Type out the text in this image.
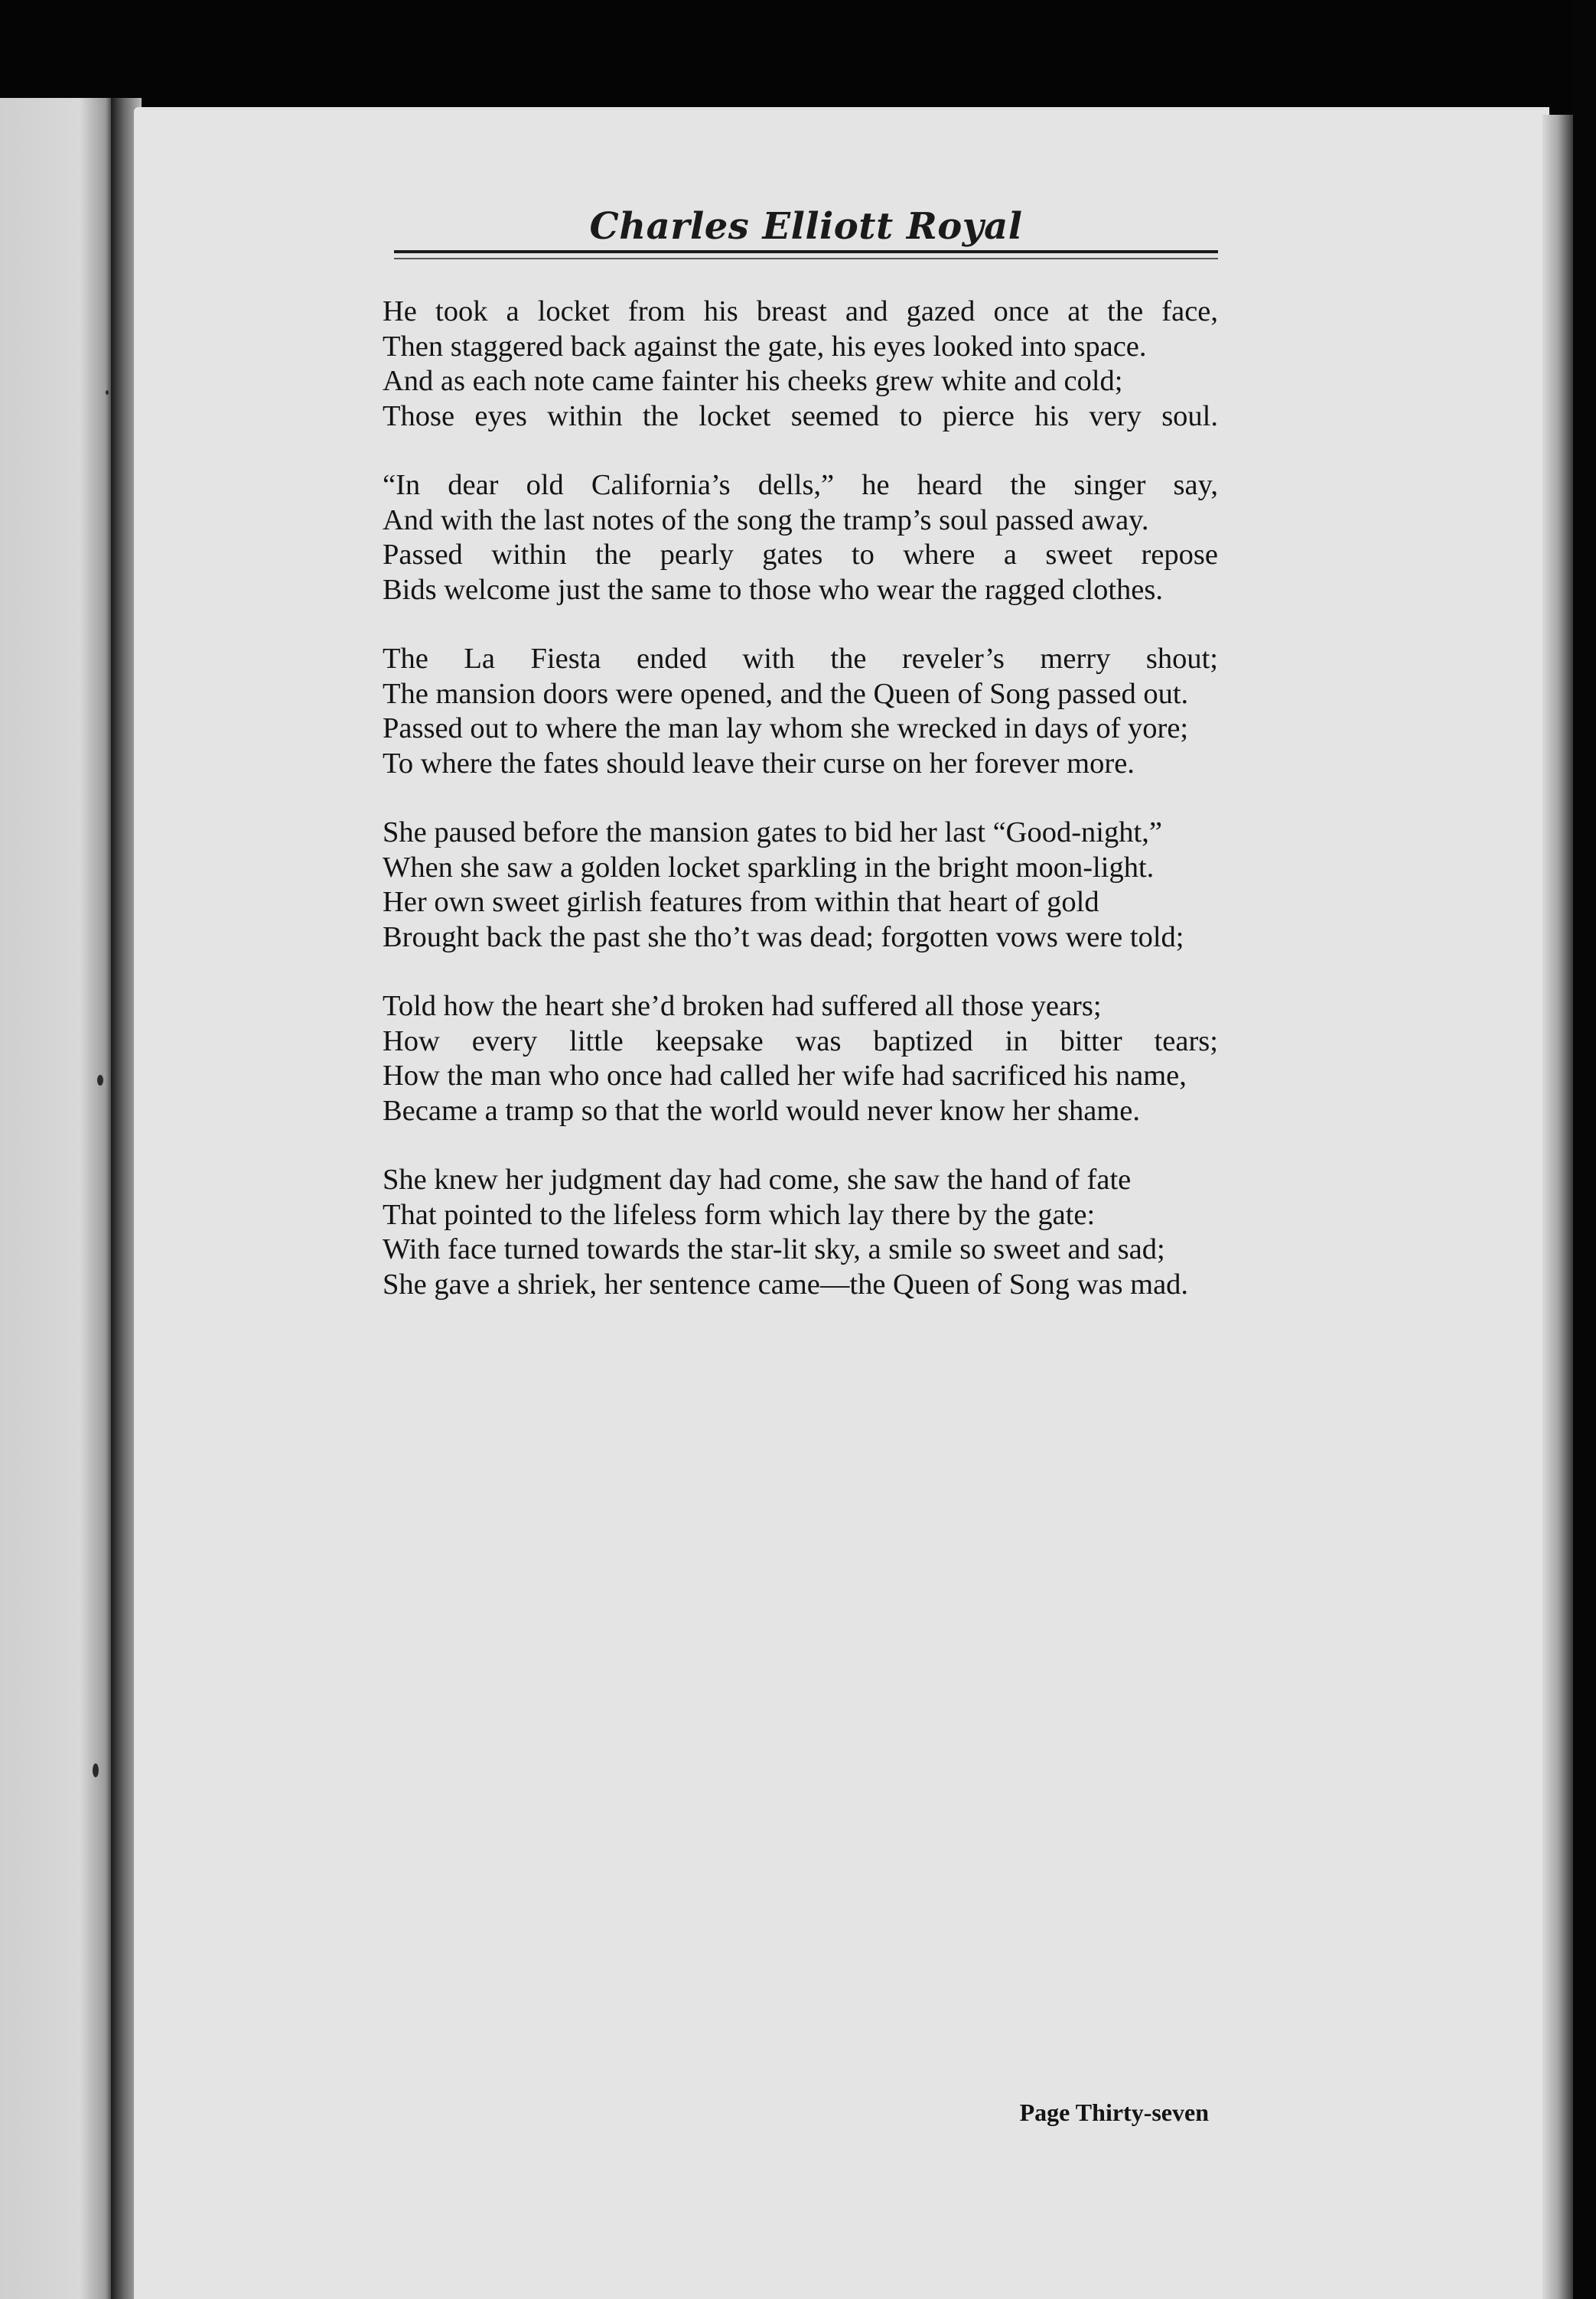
Charles Elliott Royal
He took a locket from his breast and gazed once at the face,
Then staggered back against the gate, his eyes looked into space.
And as each note came fainter his cheeks grew white and cold;
Those eyes within the locket seemed to pierce his very soul.
“In dear old California’s dells,” he heard the singer say,
And with the last notes of the song the tramp’s soul passed away.
Passed within the pearly gates to where a sweet repose
Bids welcome just the same to those who wear the ragged clothes.
The La Fiesta ended with the reveler’s merry shout;
The mansion doors were opened, and the Queen of Song passed out.
Passed out to where the man lay whom she wrecked in days of yore;
To where the fates should leave their curse on her forever more.
She paused before the mansion gates to bid her last “Good-night,”
When she saw a golden locket sparkling in the bright moon-light.
Her own sweet girlish features from within that heart of gold
Brought back the past she tho’t was dead; forgotten vows were told;
Told how the heart she’d broken had suffered all those years;
How every little keepsake was baptized in bitter tears;
How the man who once had called her wife had sacrificed his name,
Became a tramp so that the world would never know her shame.
She knew her judgment day had come, she saw the hand of fate
That pointed to the lifeless form which lay there by the gate:
With face turned towards the star-lit sky, a smile so sweet and sad;
She gave a shriek, her sentence came—the Queen of Song was mad.
Page Thirty-seven
